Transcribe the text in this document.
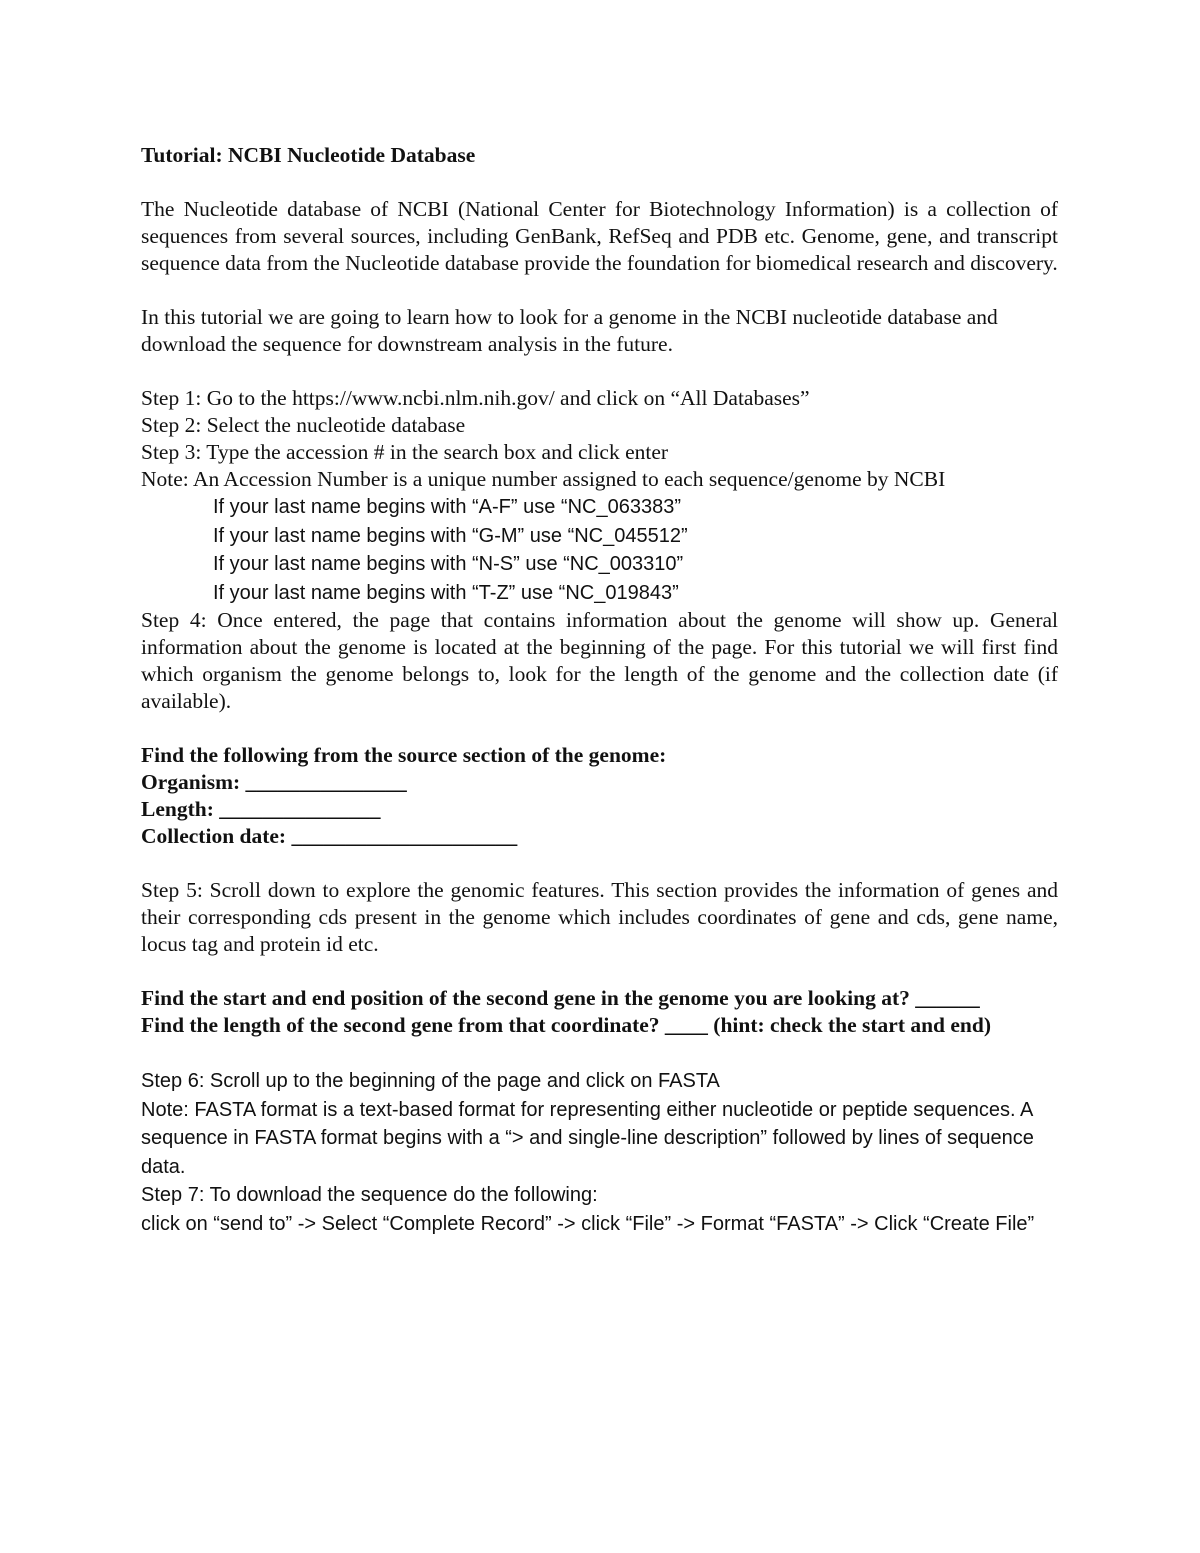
Tutorial: NCBI Nucleotide Database

The Nucleotide database of NCBI (National Center for Biotechnology Information) is a collection of sequences from several sources, including GenBank, RefSeq and PDB etc. Genome, gene, and transcript sequence data from the Nucleotide database provide the foundation for biomedical research and discovery.

In this tutorial we are going to learn how to look for a genome in the NCBI nucleotide database and download the sequence for downstream analysis in the future.

Step 1: Go to the https://www.ncbi.nlm.nih.gov/ and click on “All Databases”

Step 2: Select the nucleotide database

Step 3: Type the accession # in the search box and click enter

Note: An Accession Number is a unique number assigned to each sequence/genome by NCBI

If your last name begins with “A-F” use “NC_063383”

If your last name begins with “G-M” use “NC_045512”

If your last name begins with “N-S” use “NC_003310”

If your last name begins with “T-Z” use “NC_019843”

Step 4: Once entered, the page that contains information about the genome will show up. General information about the genome is located at the beginning of the page. For this tutorial we will first find which organism the genome belongs to, look for the length of the genome and the collection date (if available).

Find the following from the source section of the genome:

Organism: _______________

Length: _______________

Collection date: _____________________

Step 5: Scroll down to explore the genomic features. This section provides the information of genes and their corresponding cds present in the genome which includes coordinates of gene and cds, gene name, locus tag and protein id etc.

Find the start and end position of the second gene in the genome you are looking at? ______

Find the length of the second gene from that coordinate? ____ (hint: check the start and end)

Step 6: Scroll up to the beginning of the page and click on FASTA

Note: FASTA format is a text-based format for representing either nucleotide or peptide sequences. A sequence in FASTA format begins with a “> and single-line description” followed by lines of sequence data.

Step 7: To download the sequence do the following:

click on “send to” -> Select “Complete Record” -> click “File” -> Format “FASTA” -> Click “Create File”
